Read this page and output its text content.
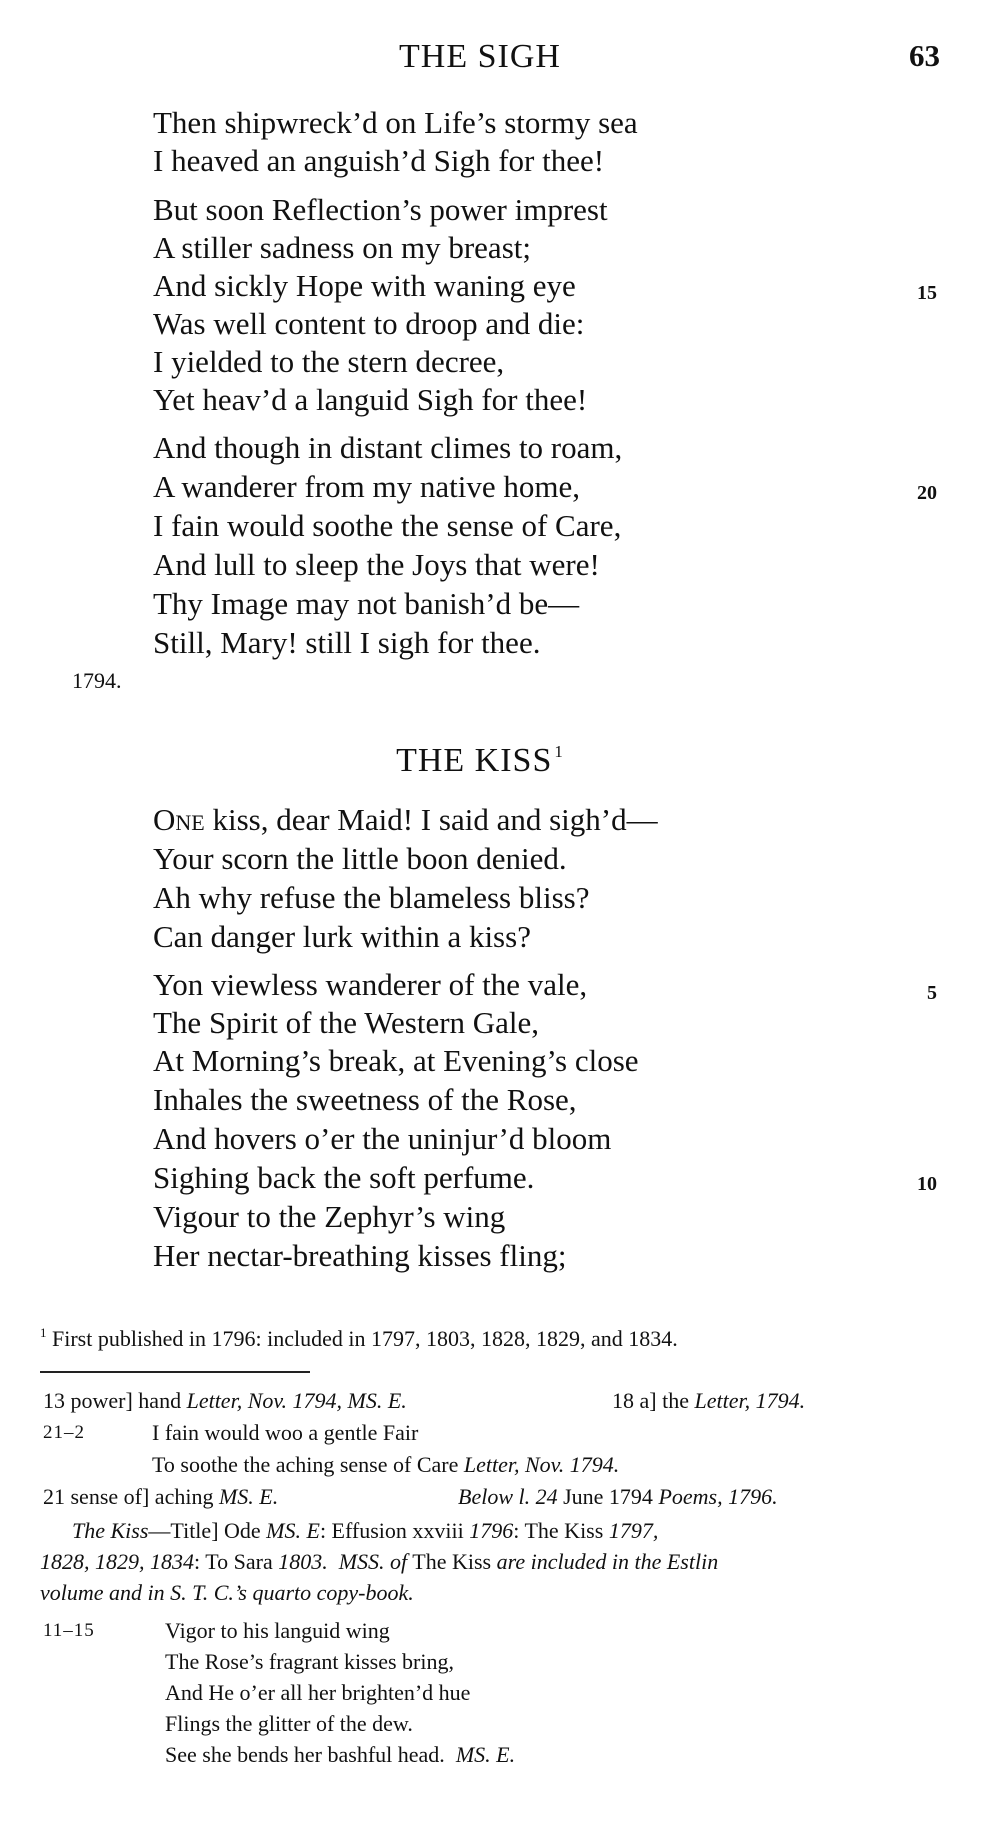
THE SIGH	63
Then shipwreck’d on Life’s stormy sea
I heaved an anguish’d Sigh for thee!
But soon Reflection’s power imprest
A stiller sadness on my breast;
And sickly Hope with waning eye
Was well content to droop and die:
I yielded to the stern decree,
Yet heav’d a languid Sigh for thee!
And though in distant climes to roam,
A wanderer from my native home,
I fain would soothe the sense of Care,
And lull to sleep the Joys that were!
Thy Image may not banish’d be—
Still, Mary! still I sigh for thee.
15
20
1794.
THE KISS $^1$
One kiss, dear Maid! I said and sigh’d—
Your scorn the little boon denied.
Ah why refuse the blameless bliss?
Can danger lurk within a kiss?
Yon viewless wanderer of the vale,
The Spirit of the Western Gale,
At Morning’s break, at Evening’s close
Inhales the sweetness of the Rose,
And hovers o’er the uninjur’d bloom
Sighing back the soft perfume.
Vigour to the Zephyr’s wing
Her nectar-breathing kisses fling;
5
10
$^1$ First published in 1796: included in 1797, 1803, 1828, 1829, and 1834.
13 power] hand Letter, Nov. 1794, MS. E.	18 a] the Letter, 1794.
21–2	I fain would woo a gentle Fair
To soothe the aching sense of Care Letter, Nov. 1794.
21 sense of] aching MS. E.	Below l. 24 June 1794 Poems, 1796.
The Kiss—Title] Ode MS. E: Effusion xxviii 1796: The Kiss 1797,
1828, 1829, 1834: To Sara 1803. MSS. of The Kiss are included in the Estlin
volume and in S. T. C.’s quarto copy-book.
11–15	Vigor to his languid wing
The Rose’s fragrant kisses bring,
And He o’er all her brighten’d hue
Flings the glitter of the dew.
See she bends her bashful head. MS. E.
